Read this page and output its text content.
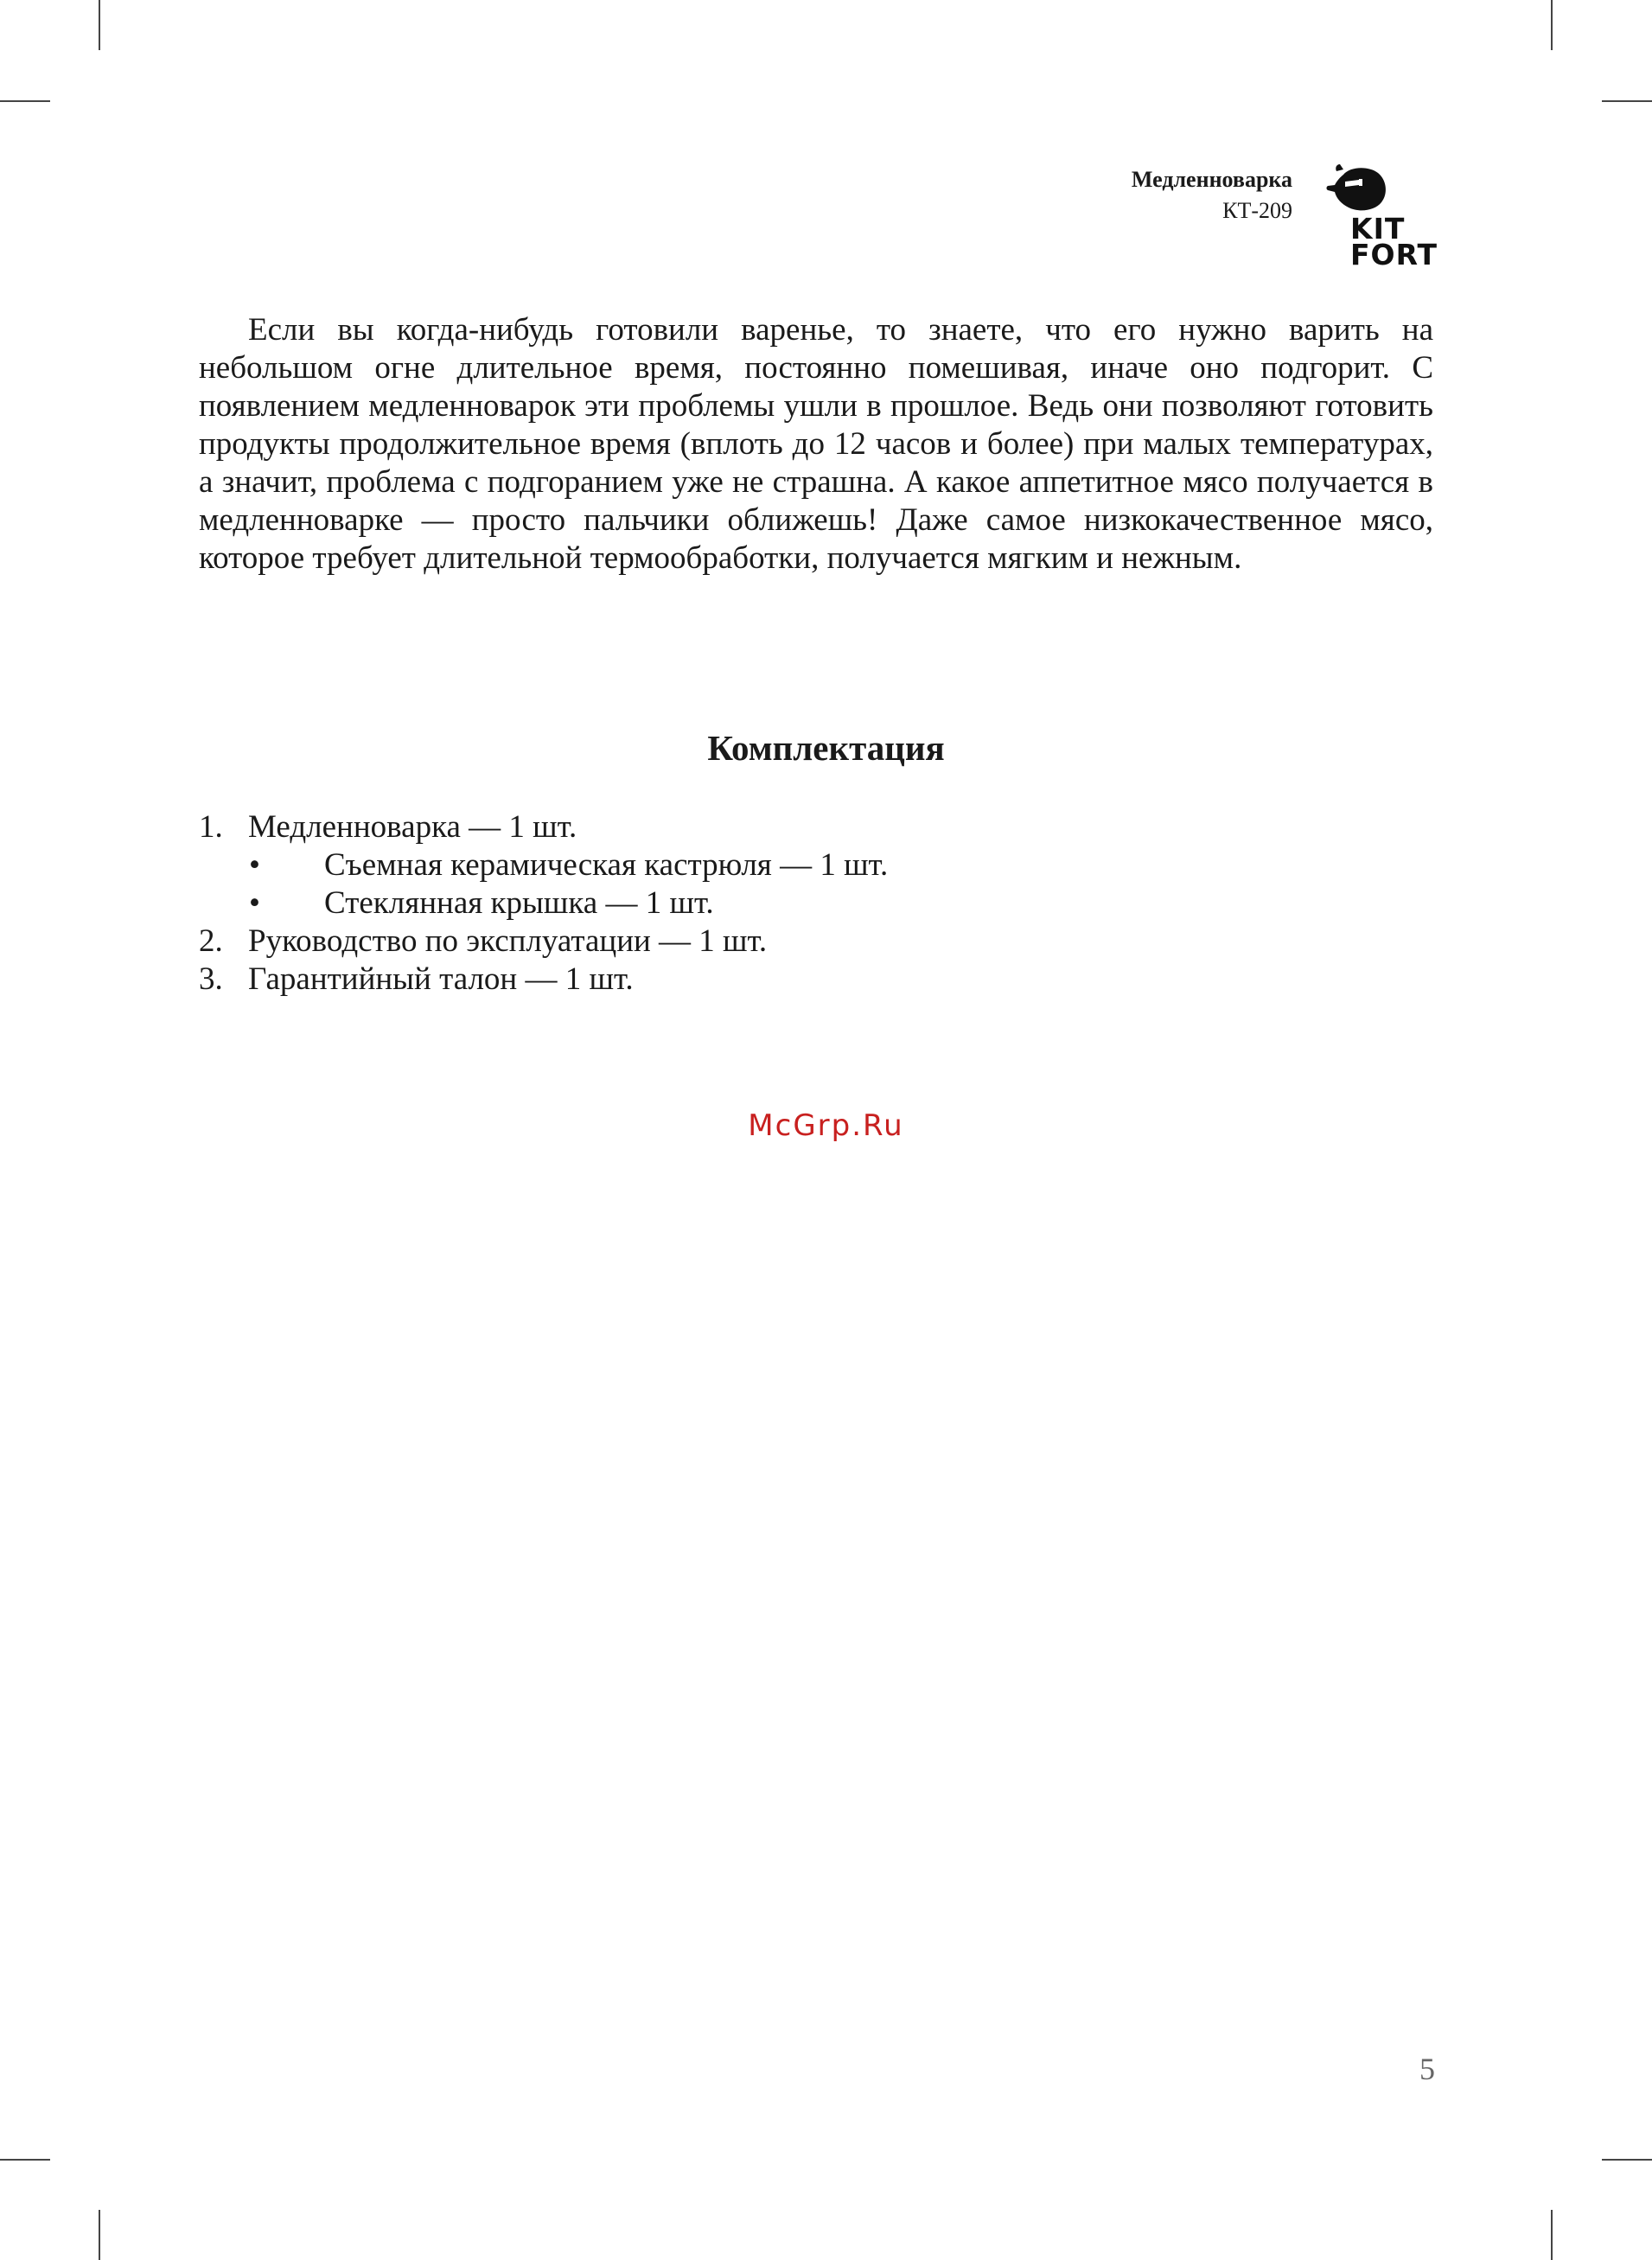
Медленноварка
КТ-209
KIT
FORT

Если вы когда-нибудь готовили варенье, то знаете, что его нужно варить на небольшом огне длительное время, постоянно помешивая, иначе оно подгорит. С появлением медленноварок эти проблемы ушли в прошлое. Ведь они позволяют готовить продукты продолжительное время (вплоть до 12 часов и более) при малых температурах, а значит, проблема с подгоранием уже не страшна. А какое аппетитное мясо получается в медленноварке — просто пальчики оближешь! Даже самое низкокачественное мясо, которое требует длительной термообработки, получается мягким и нежным.

Комплектация
1. Медленноварка — 1 шт.
• Съемная керамическая кастрюля — 1 шт.
• Стеклянная крышка — 1 шт.
2. Руководство по эксплуатации — 1 шт.
3. Гарантийный талон — 1 шт.
McGrp.Ru
5
